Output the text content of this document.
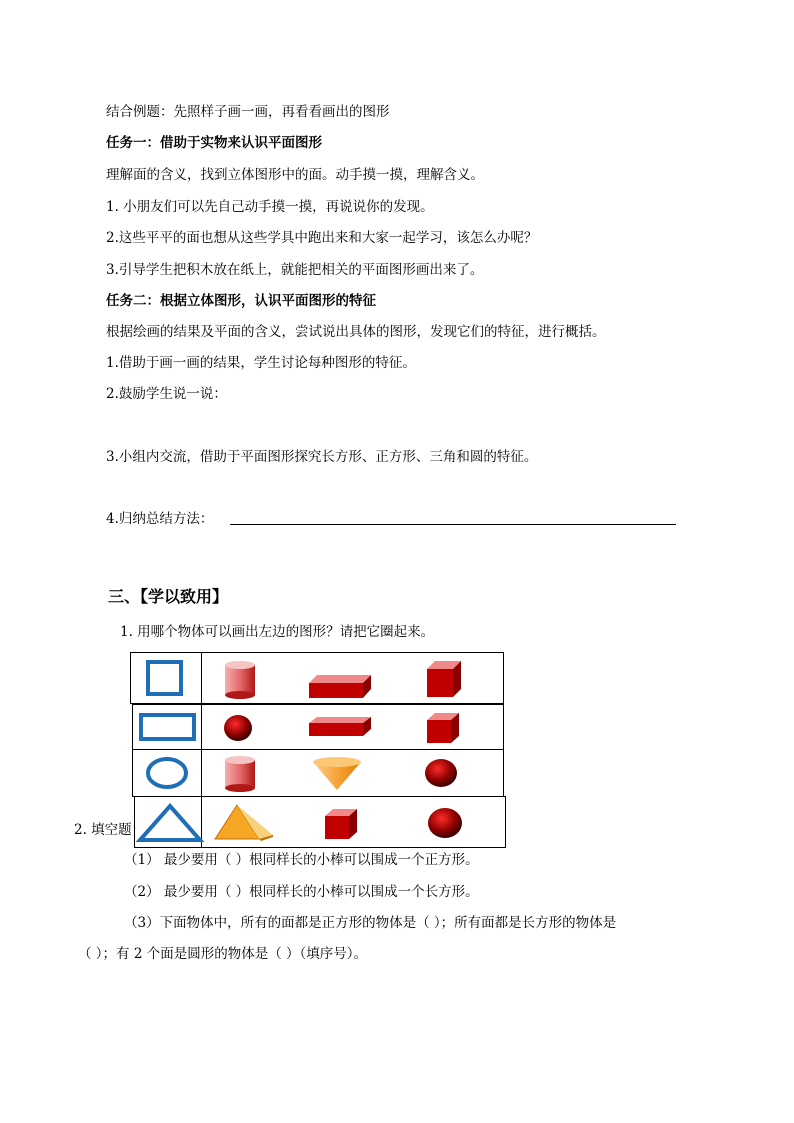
结合例题：先照样子画一画，再看看画出的图形
任务一：借助于实物来认识平面图形
理解面的含义，找到立体图形中的面。动手摸一摸，理解含义。
1. 小朋友们可以先自己动手摸一摸，再说说你的发现。
2.这些平平的面也想从这些学具中跑出来和大家一起学习，该怎么办呢？
3.引导学生把积木放在纸上，就能把相关的平面图形画出来了。
任务二：根据立体图形，认识平面图形的特征
根据绘画的结果及平面的含义，尝试说出具体的图形，发现它们的特征，进行概括。
1.借助于画一画的结果，学生讨论每种图形的特征。
2.鼓励学生说一说：
3.小组内交流，借助于平面图形探究长方形、正方形、三角和圆的特征。
4.归纳总结方法：
三、【学以致用】
1. 用哪个物体可以画出左边的图形？请把它圈起来。
2. 填空题
（1） 最少要用（ ）根同样长的小棒可以围成一个正方形。
（2） 最少要用（ ）根同样长的小棒可以围成一个长方形。
（3）下面物体中，所有的面都是正方形的物体是（ ）；所有面都是长方形的物体是
（ ）；有 2 个面是圆形的物体是（ ）（填序号）。
